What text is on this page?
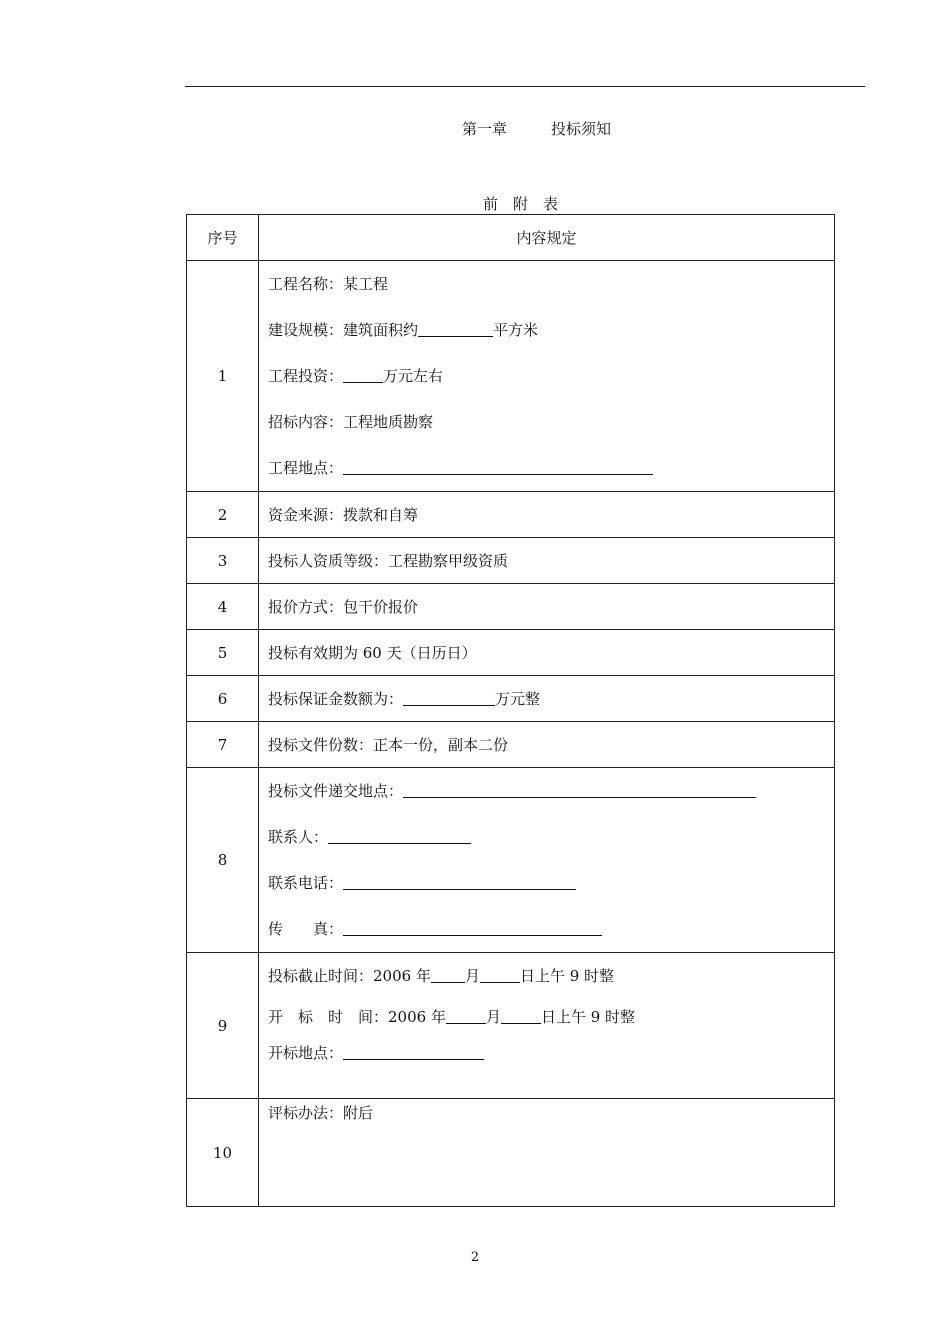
第一章	投标须知
前　附　表
序号	内容规定
1	工程名称：某工程
建设规模：建筑面积约 平方米
工程投资： 万元左右
招标内容：工程地质勘察
工程地点：

2	资金来源：拨款和自筹
3	投标人资质等级：工程勘察甲级资质
4	报价方式：包干价报价
5	投标有效期为 60 天（日历日）
6	投标保证金数额为： 万元整
7	投标文件份数：正本一份，副本二份
8	投标文件递交地点：
联系人：
联系电话：
传　　真：

9	投标截止时间：2006 年 月 日上午 9 时整
开　标　时　间：2006 年 月 日上午 9 时整
开标地点：

10	评标办法：附后
2
